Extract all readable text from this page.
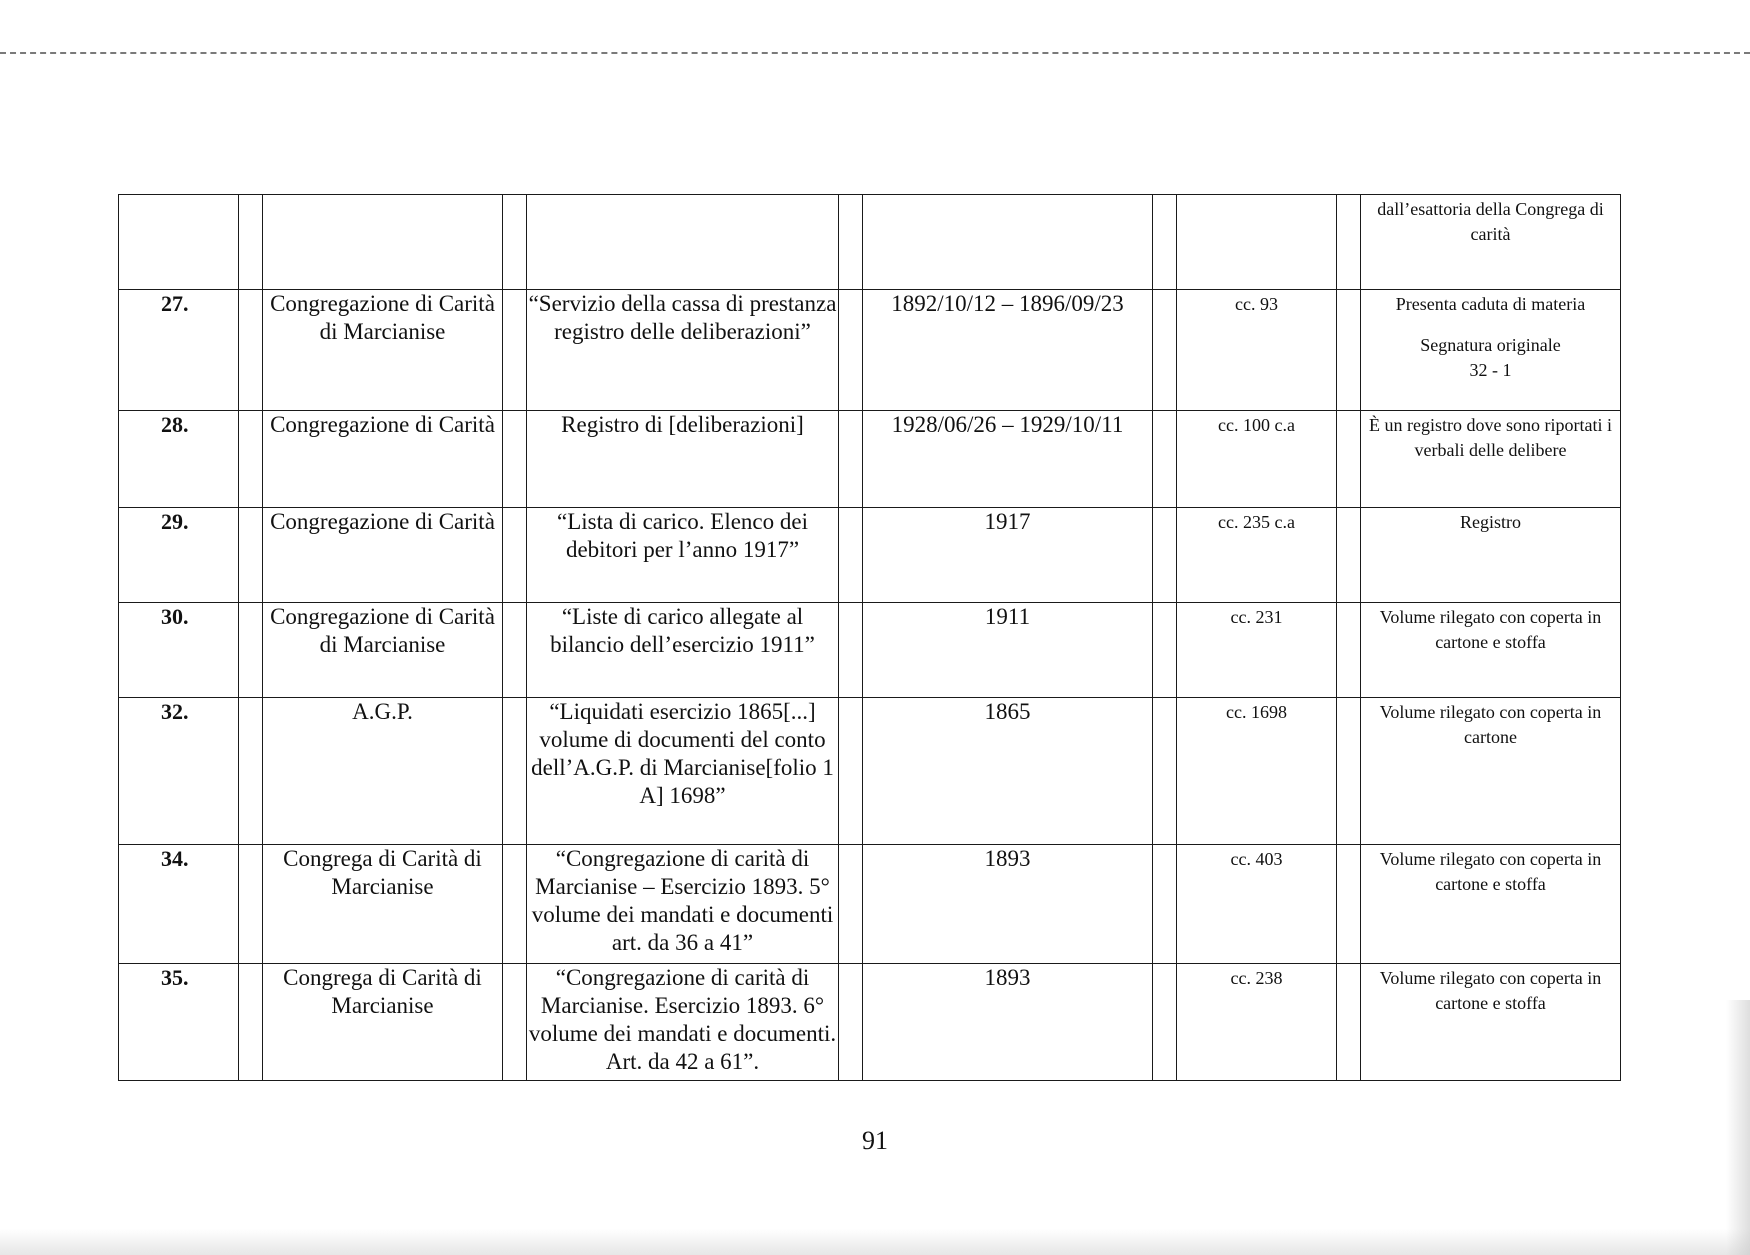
										dall’esattoria della Congrega di carità
27.		Congregazione di Carità di Marcianise		“Servizio della cassa di prestanza registro delle deliberazioni”		1892/10/12 – 1896/09/23		cc. 93		Presenta caduta di materia
Segnatura originale
32 - 1

28.		Congregazione di Carità		Registro di [deliberazioni]		1928/06/26 – 1929/10/11		cc. 100 c.a		È un registro dove sono riportati i verbali delle delibere
29.		Congregazione di Carità		“Lista di carico. Elenco dei debitori per l’anno 1917”		1917		cc. 235 c.a		Registro
30.		Congregazione di Carità di Marcianise		“Liste di carico allegate al bilancio dell’esercizio 1911”		1911		cc. 231		Volume rilegato con coperta in cartone e stoffa
32.		A.G.P.		“Liquidati esercizio 1865[...] volume di documenti del conto dell’A.G.P. di Marcianise[folio 1 A] 1698”		1865		cc. 1698		Volume rilegato con coperta in cartone
34.		Congrega di Carità di Marcianise		“Congregazione di carità di Marcianise – Esercizio 1893. 5° volume dei mandati e documenti art. da 36 a 41”		1893		cc. 403		Volume rilegato con coperta in cartone e stoffa
35.		Congrega di Carità di Marcianise		“Congregazione di carità di Marcianise. Esercizio 1893. 6° volume dei mandati e documenti. Art. da 42 a 61”.		1893		cc. 238		Volume rilegato con coperta in cartone e stoffa
91
